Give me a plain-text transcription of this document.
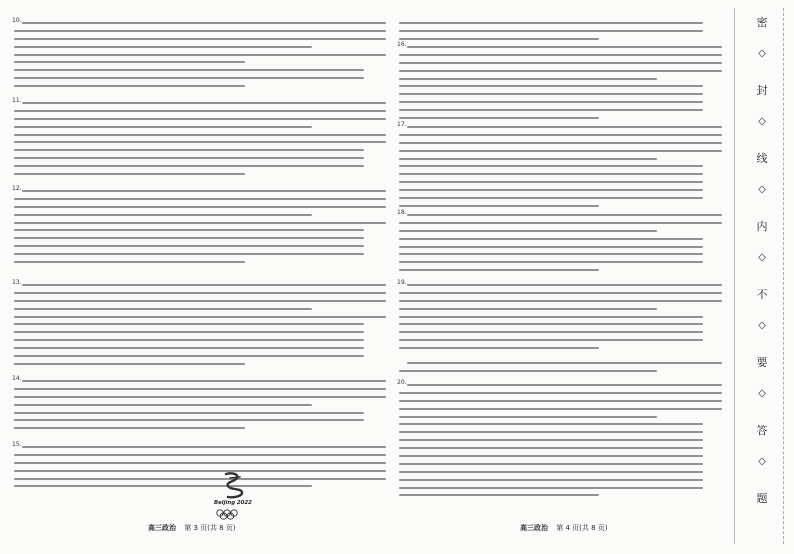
10.
11.
12.
13.
14.
15.
Beijing 2022
16.
17.
18.
19.
20.
高三政治 第 3 页(共 8 页)	高三政治 第 4 页(共 8 页)
密
◇
封
◇
线
◇
内
◇
不
◇
要
◇
答
◇
题
